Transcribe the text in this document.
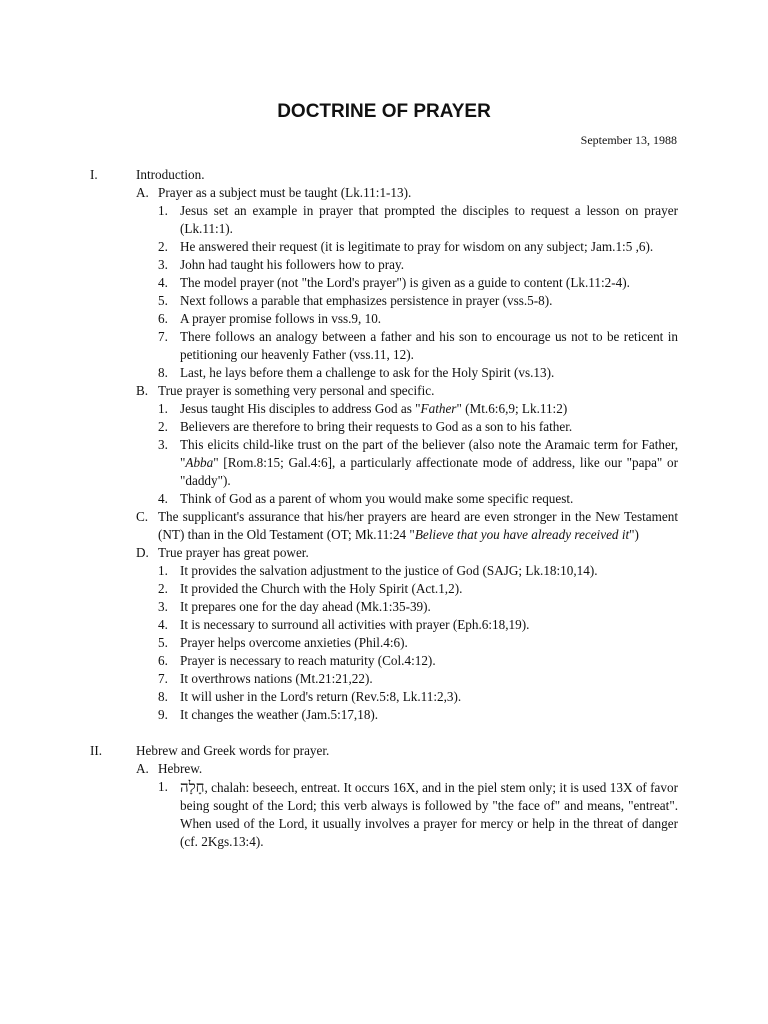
DOCTRINE OF PRAYER
September 13, 1988
I.	Introduction.
A. Prayer as a subject must be taught (Lk.11:1-13).
1. Jesus set an example in prayer that prompted the disciples to request a lesson on prayer (Lk.11:1).
2. He answered their request (it is legitimate to pray for wisdom on any subject; Jam.1:5 ,6).
3. John had taught his followers how to pray.
4. The model prayer (not "the Lord's prayer") is given as a guide to content (Lk.11:2-4).
5. Next follows a parable that emphasizes persistence in prayer (vss.5-8).
6. A prayer promise follows in vss.9, 10.
7. There follows an analogy between a father and his son to encourage us not to be reticent in petitioning our heavenly Father (vss.11, 12).
8. Last, he lays before them a challenge to ask for the Holy Spirit (vs.13).
B. True prayer is something very personal and specific.
1. Jesus taught His disciples to address God as "Father" (Mt.6:6,9; Lk.11:2)
2. Believers are therefore to bring their requests to God as a son to his father.
3. This elicits child-like trust on the part of the believer (also note the Aramaic term for Father, "Abba" [Rom.8:15; Gal.4:6], a particularly affectionate mode of address, like our "papa" or "daddy").
4. Think of God as a parent of whom you would make some specific request.
C. The supplicant's assurance that his/her prayers are heard are even stronger in the New Testament (NT) than in the Old Testament (OT; Mk.11:24 "Believe that you have already received it")
D. True prayer has great power.
1. It provides the salvation adjustment to the justice of God (SAJG; Lk.18:10,14).
2. It provided the Church with the Holy Spirit (Act.1,2).
3. It prepares one for the day ahead (Mk.1:35-39).
4. It is necessary to surround all activities with prayer (Eph.6:18,19).
5. Prayer helps overcome anxieties (Phil.4:6).
6. Prayer is necessary to reach maturity (Col.4:12).
7. It overthrows nations (Mt.21:21,22).
8. It will usher in the Lord's return (Rev.5:8, Lk.11:2,3).
9. It changes the weather (Jam.5:17,18).
II.	Hebrew and Greek words for prayer.
A. Hebrew.
1. חָלָה, chalah: beseech, entreat. It occurs 16X, and in the piel stem only; it is used 13X of favor being sought of the Lord; this verb always is followed by "the face of" and means, "entreat". When used of the Lord, it usually involves a prayer for mercy or help in the threat of danger (cf. 2Kgs.13:4).
